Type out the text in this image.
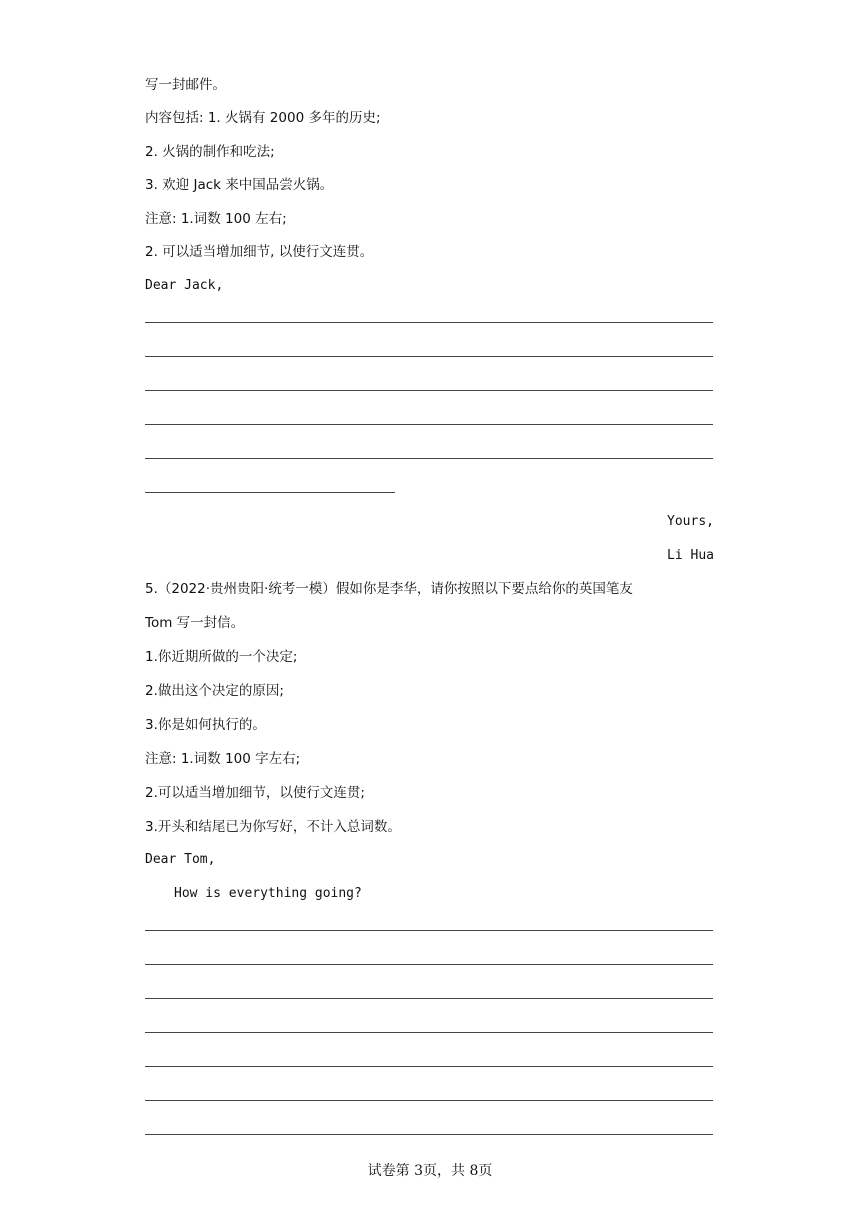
写一封邮件。
内容包括: 1. 火锅有 2000 多年的历史;
2. 火锅的制作和吃法;
3. 欢迎 Jack 来中国品尝火锅。
注意: 1.词数 100 左右;
2. 可以适当增加细节, 以使行文连贯。
Dear Jack,
Yours,
Li Hua
5.（2022·贵州贵阳·统考一模）假如你是李华，请你按照以下要点给你的英国笔友
Tom 写一封信。
1.你近期所做的一个决定;
2.做出这个决定的原因;
3.你是如何执行的。
注意: 1.词数 100 字左右;
2.可以适当增加细节，以使行文连贯;
3.开头和结尾已为你写好，不计入总词数。
Dear Tom,
How is everything going?
试卷第 3页，共 8页
